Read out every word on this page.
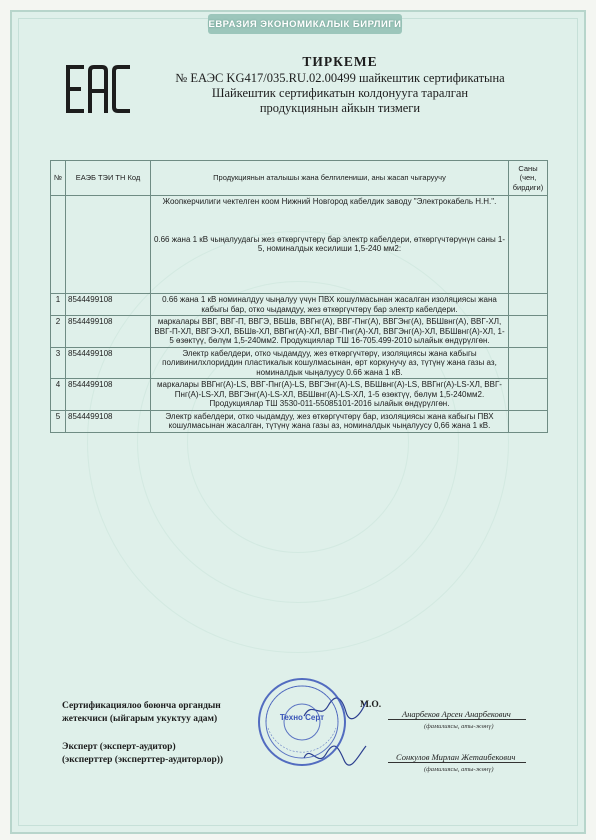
ЕВРАЗИЯ ЭКОНОМИКАЛЫК БИРЛИГИ
ТИРКЕМЕ
№ ЕАЭС KG417/035.RU.02.00499 шайкештик сертификатына
Шайкештик сертификатын колдонууга таралган
продукциянын айкын тизмеги
№	ЕАЭБ ТЭИ ТН Код	Продукциянын аталышы жана белгилениши, аны жасап чыгаруучу	Саны (чен, бирдиги)

		Жоопкерчилиги чектелген коом Нижний Новгород кабелдик заводу "Электрокабель Н.Н.".
0.66 жана 1 кВ чыңалуудагы жез өткөргүчтөрү бар электр кабелдери, өткөргүчтөрүнүн саны 1-5, номиналдык кесилиши 1,5-240 мм2:	

1	8544499108	0.66 жана 1 кВ номиналдуу чыңалуу үчүн ПВХ кошулмасынан жасалган изоляциясы жана кабыгы бар, отко чыдамдуу, жез өткөргүчтөрү бар электр кабелдери.	
2	8544499108	маркалары ВВГ, ВВГ-П, ВВГЭ, ВБШв, ВВГнг(А), ВВГ-Пнг(А), ВВГЭнг(А), ВБШвнг(А), ВВГ-ХЛ, ВВГ-П-ХЛ, ВВГЭ-ХЛ, ВБШв-ХЛ, ВВГнг(А)-ХЛ, ВВГ-Пнг(А)-ХЛ, ВВГЭнг(А)-ХЛ, ВБШвнг(А)-ХЛ, 1-5 өзөктүү, бөлүм 1,5-240мм2. Продукциялар ТШ 16-705.499-2010 ылайык өндүрүлгөн.	
3	8544499108	Электр кабелдери, отко чыдамдуу, жез өткөргүчтөрү, изоляциясы жана кабыгы поливинилхлориддин пластикалык кошулмасынан, өрт коркунучу аз, түтүнү жана газы аз, номиналдык чыңалуусу 0.66 жана 1 кВ.	
4	8544499108	маркалары ВВГнг(А)-LS, ВВГ-Пнг(А)-LS, ВВГЭнг(А)-LS, ВБШвнг(А)-LS, ВВГнг(А)-LS-ХЛ, ВВГ-Пнг(А)-LS-ХЛ, ВВГЭнг(А)-LS-ХЛ, ВБШвнг(А)-LS-ХЛ, 1-5 өзөктүү, бөлүм 1,5-240мм2. Продукциялар ТШ 3530-011-55085101-2016 ылайык өндүрүлгөн.	
5	8544499108	Электр кабелдери, отко чыдамдуу, жез өткөргүчтөрү бар, изоляциясы жана кабыгы ПВХ кошулмасынан жасалган, түтүнү жана газы аз, номиналдык чыңалуусу 0,66 жана 1 кВ.	
Сертификациялоо боюнча органдын
жетекчиси (ыйгарым укуктуу адам)
М.О.
Эксперт (эксперт-аудитор)
(эксперттер (эксперттер-аудиторлор))
Анарбеков Арсен Анарбекович
(фамилиясы, аты-жөнү)
Сонкулов Мирлан Жетаибекович
(фамилиясы, аты-жөнү)
Техно Серт
